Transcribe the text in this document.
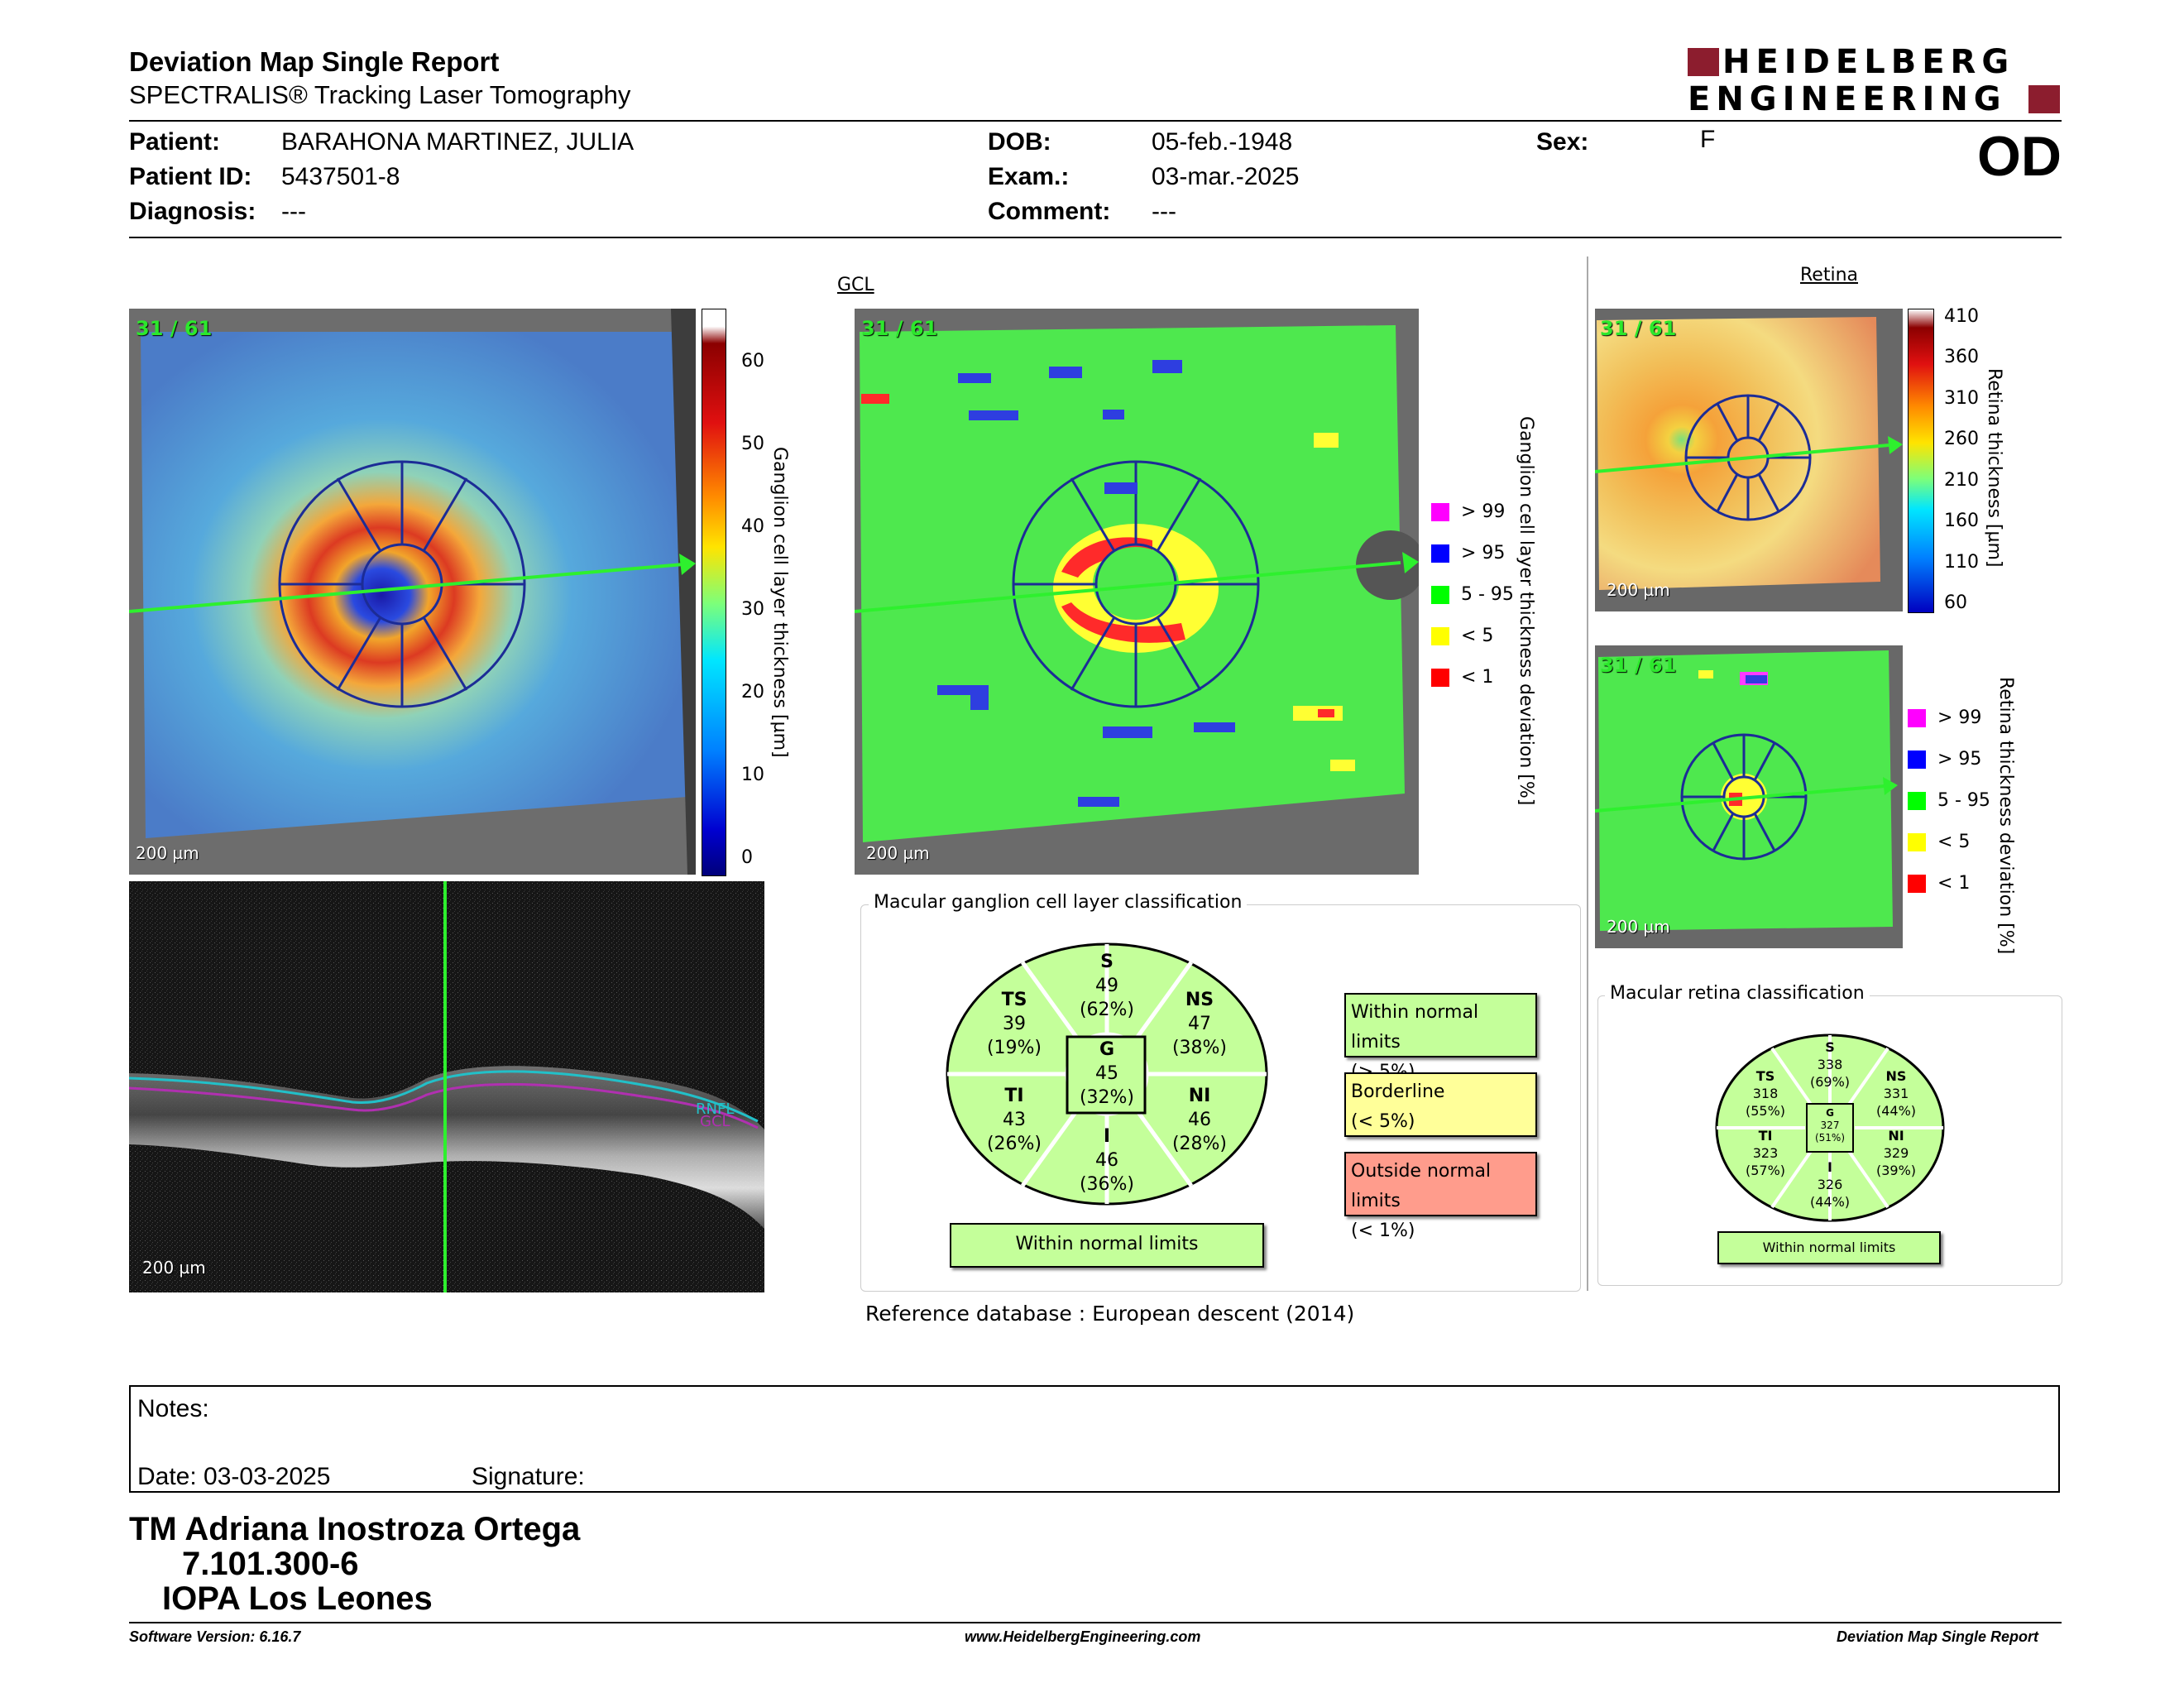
Deviation Map Single Report
SPECTRALIS® Tracking Laser Tomography
HEIDELBERG
ENGINEERING
Patient: BARAHONA MARTINEZ, JULIA
Patient ID: 5437501-8
Diagnosis: ---
DOB:	05-feb.-1948
Exam.:	03-mar.-2025
Comment: ---
Sex:	F	OD
31 / 61
200 µm
60
50
40
30
20
10
0
Ganglion cell layer thickness [µm]
RNFL
GCL
200 µm
GCL
31 / 61
200 µm
> 99
> 95
5 - 95
< 5
< 1 Ganglion cell layer thickness deviation [%]
Retina
31 / 61
200 µm
410
360
310
260
210
160
110
60
Retina thickness [µm]
31 / 61
200 µm
> 99
> 95
5 - 95
< 5
< 1 Retina thickness deviation [%]
Macular ganglion cell layer classification
S
49
(62%)
TS
39
(19%)
NS
47
(38%)
G
45
(32%)
TI
43
(26%)
NI
46
(28%)
I
46
(36%)
Within normal limits
Within normal limits
Borderline
(< 5%)
Outside normal limits
(< 1%)
Reference database : European descent (2014)
Macular retina classification
S
338
(69%)
TS
318
(55%)
NS
331
(44%)
G
327
(51%)
TI
323
(57%)
NI
329
(39%)
I
326
(44%)
Within normal limits
Notes:
Date: 03-03-2025	Signature:
TM Adriana Inostroza Ortega
7.101.300-6
IOPA Los Leones
Software Version: 6.16.7	www.HeidelbergEngineering.com	Deviation Map Single Report
